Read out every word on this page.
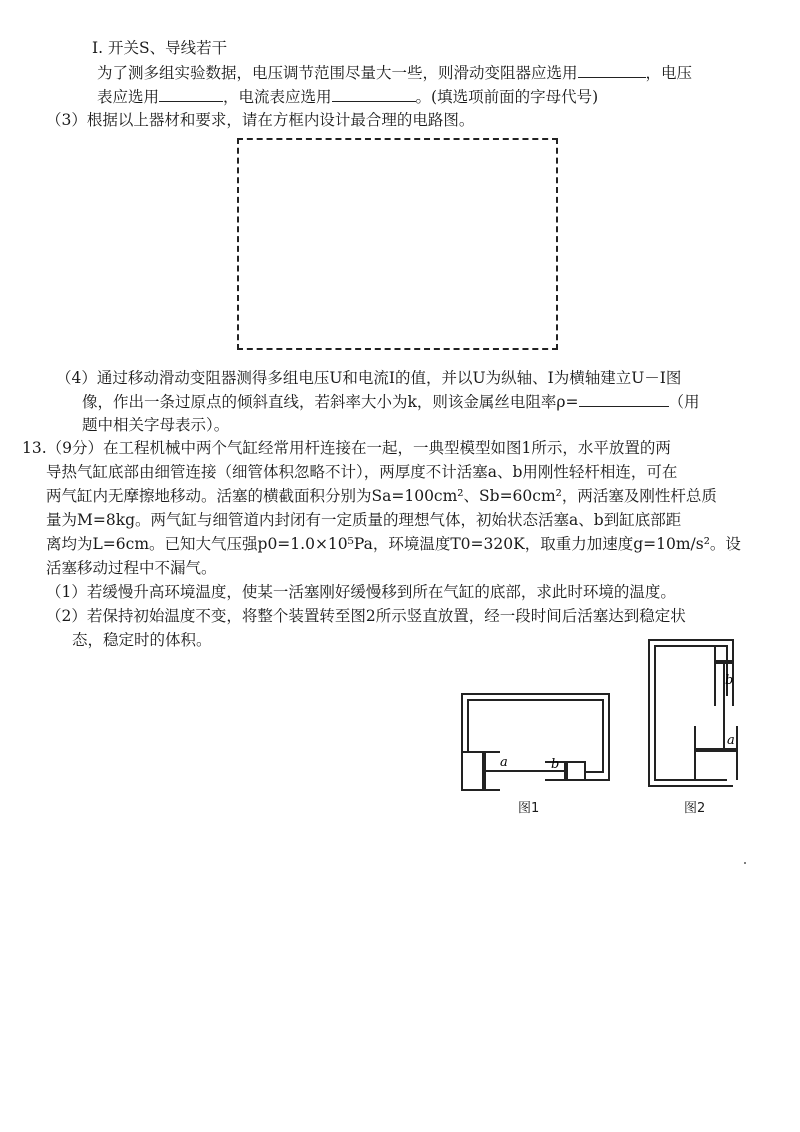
I. 开关S、导线若干
为了测多组实验数据，电压调节范围尽量大一些，则滑动变阻器应选用	，电压
表应选用	，电流表应选用	。(填选项前面的字母代号)
（3）根据以上器材和要求，请在方框内设计最合理的电路图。
（4）通过移动滑动变阻器测得多组电压U和电流I的值，并以U为纵轴、I为横轴建立U－I图
像，作出一条过原点的倾斜直线，若斜率大小为k，则该金属丝电阻率ρ=	（用
题中相关字母表示）。
13.（9分）在工程机械中两个气缸经常用杆连接在一起，一典型模型如图1所示，水平放置的两
导热气缸底部由细管连接（细管体积忽略不计），两厚度不计活塞a、b用刚性轻杆相连，可在
两气缸内无摩擦地移动。活塞的横截面积分别为Sa=100cm²、Sb=60cm²，两活塞及刚性杆总质
量为M=8kg。两气缸与细管道内封闭有一定质量的理想气体，初始状态活塞a、b到缸底部距
离均为L=6cm。已知大气压强p0=1.0×10⁵Pa，环境温度T0=320K，取重力加速度g=10m/s²。设
活塞移动过程中不漏气。
（1）若缓慢升高环境温度，使某一活塞刚好缓慢移到所在气缸的底部，求此时环境的温度。
（2）若保持初始温度不变，将整个装置转至图2所示竖直放置，经一段时间后活塞达到稳定状
态，稳定时的体积。
a	b
图1
b
a
图2
